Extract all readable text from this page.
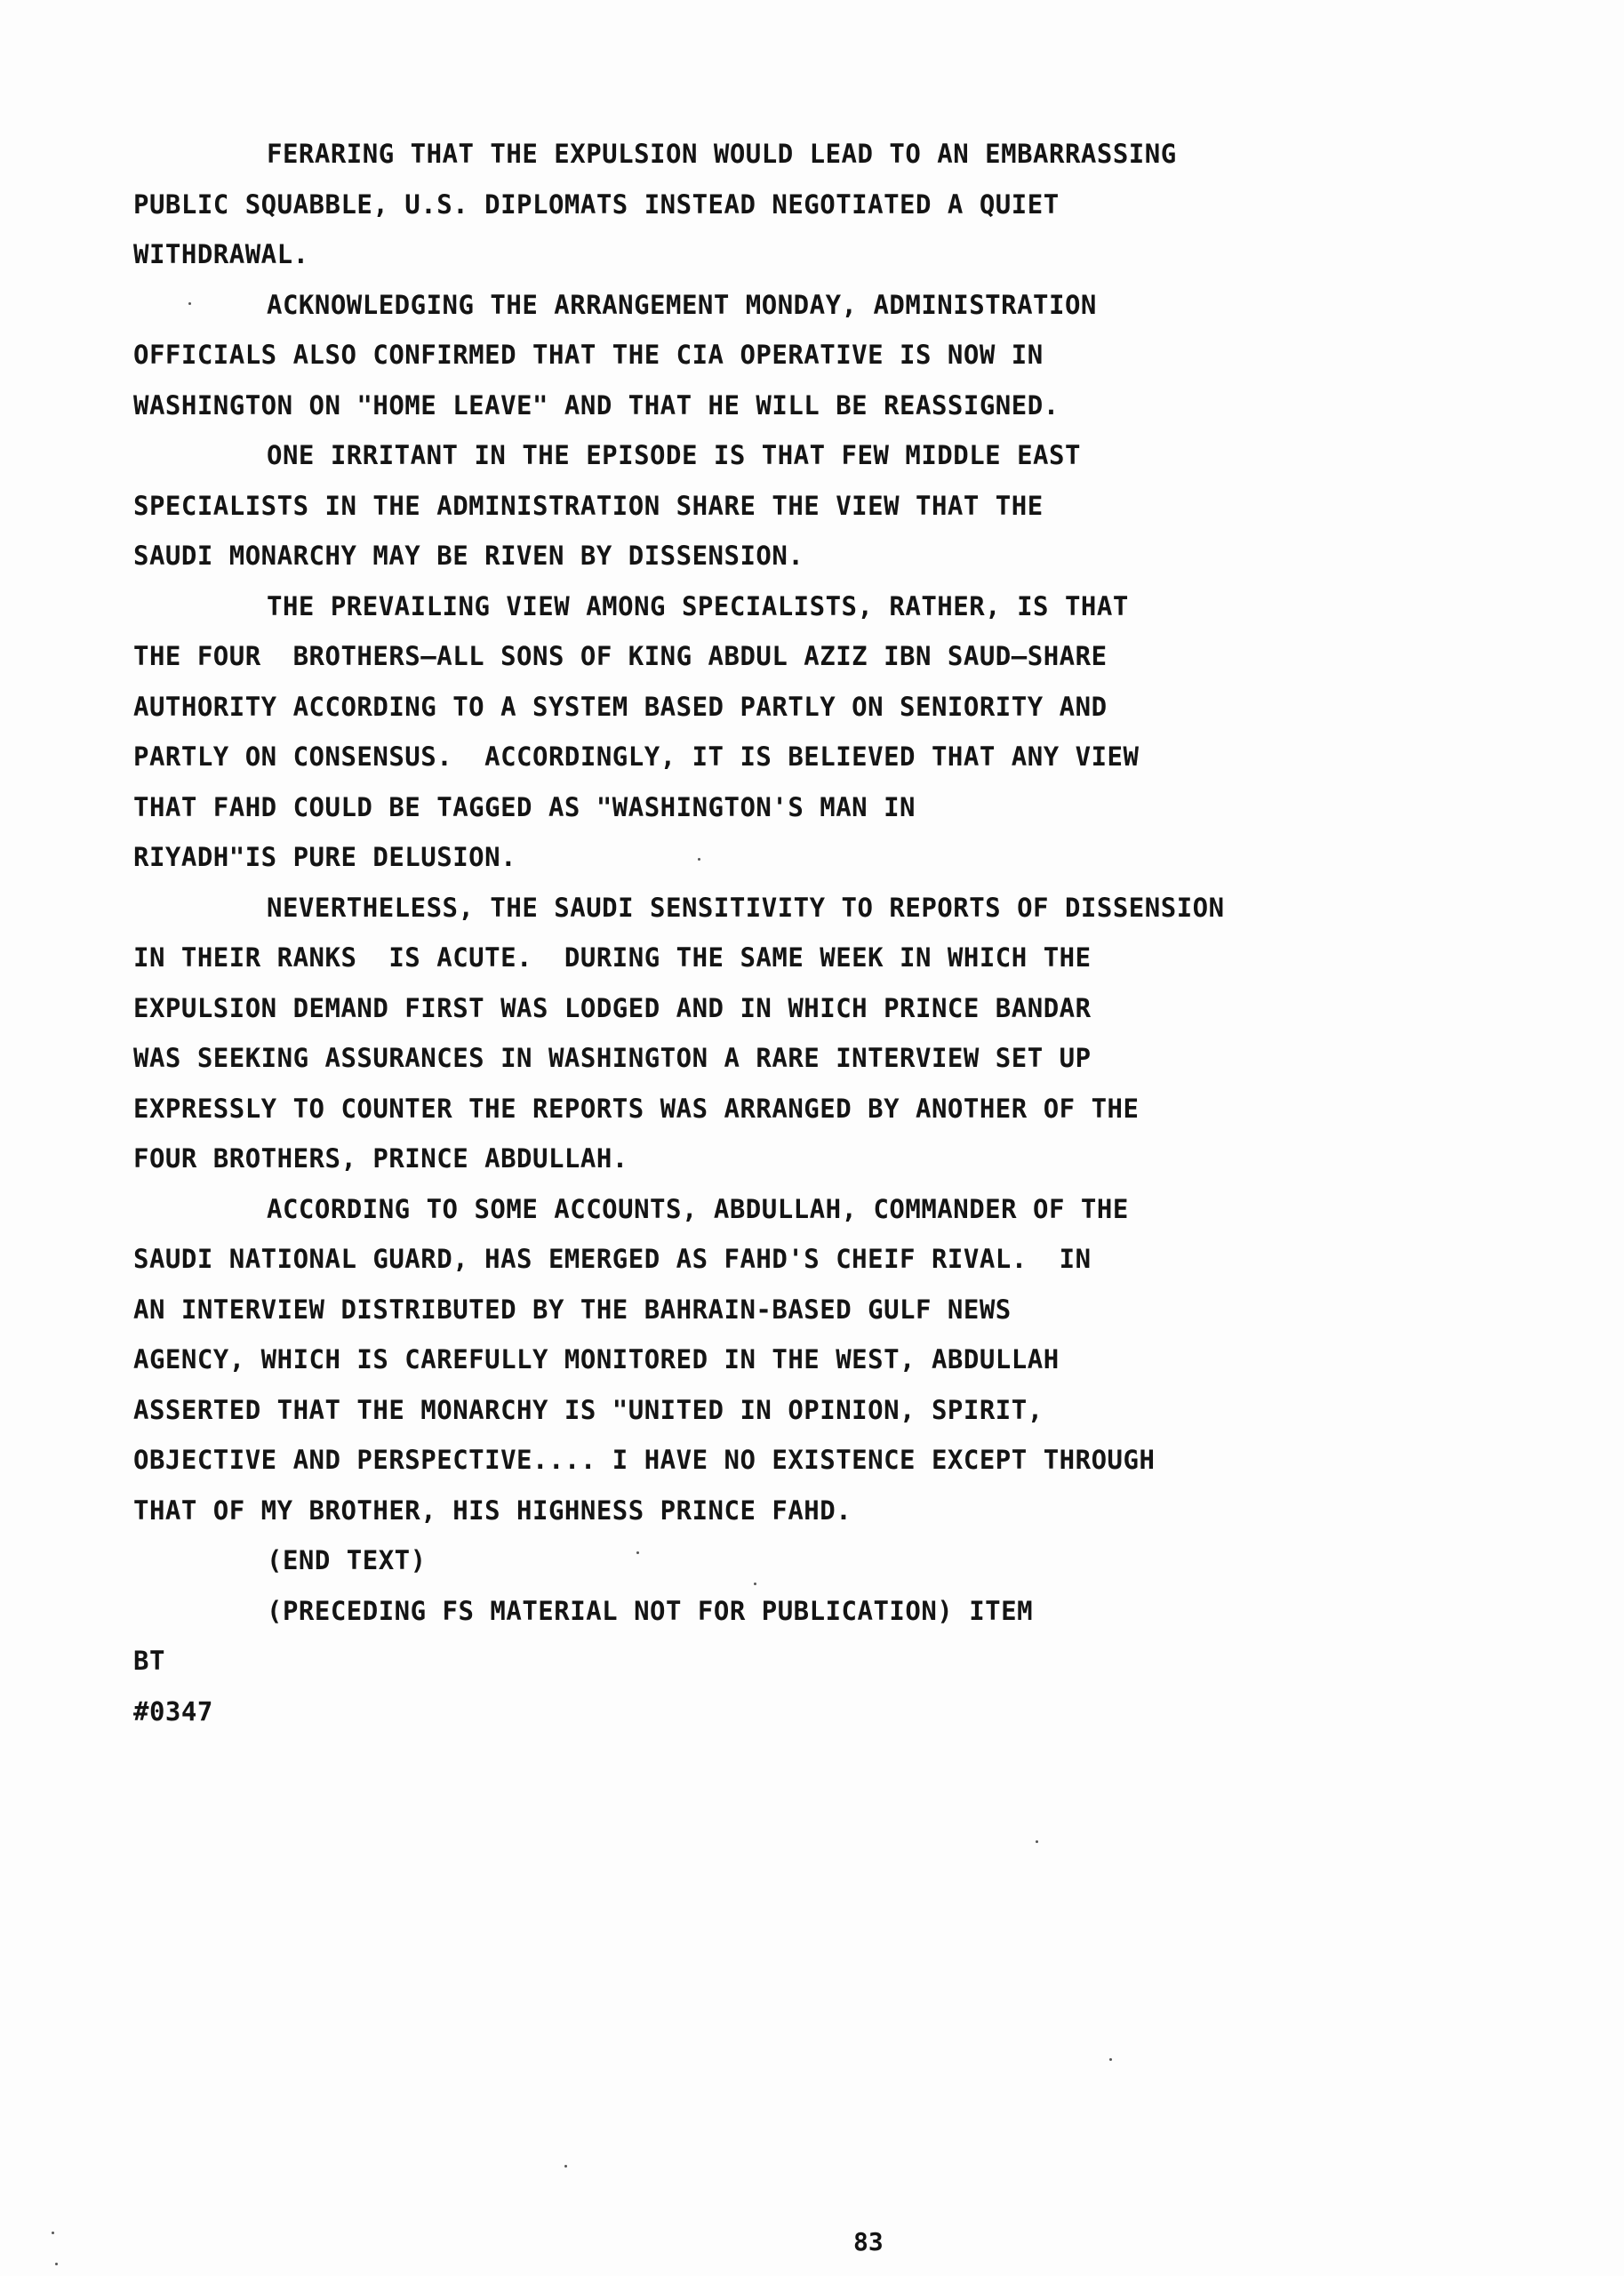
FERARING THAT THE EXPULSION WOULD LEAD TO AN EMBARRASSING
PUBLIC SQUABBLE, U.S. DIPLOMATS INSTEAD NEGOTIATED A QUIET
WITHDRAWAL.
ACKNOWLEDGING THE ARRANGEMENT MONDAY, ADMINISTRATION
OFFICIALS ALSO CONFIRMED THAT THE CIA OPERATIVE IS NOW IN
WASHINGTON ON "HOME LEAVE" AND THAT HE WILL BE REASSIGNED.
ONE IRRITANT IN THE EPISODE IS THAT FEW MIDDLE EAST
SPECIALISTS IN THE ADMINISTRATION SHARE THE VIEW THAT THE
SAUDI MONARCHY MAY BE RIVEN BY DISSENSION.
THE PREVAILING VIEW AMONG SPECIALISTS, RATHER, IS THAT
THE FOUR  BROTHERS—ALL SONS OF KING ABDUL AZIZ IBN SAUD—SHARE
AUTHORITY ACCORDING TO A SYSTEM BASED PARTLY ON SENIORITY AND
PARTLY ON CONSENSUS.  ACCORDINGLY, IT IS BELIEVED THAT ANY VIEW
THAT FAHD COULD BE TAGGED AS "WASHINGTON'S MAN IN
RIYADH"IS PURE DELUSION.
NEVERTHELESS, THE SAUDI SENSITIVITY TO REPORTS OF DISSENSION
IN THEIR RANKS  IS ACUTE.  DURING THE SAME WEEK IN WHICH THE
EXPULSION DEMAND FIRST WAS LODGED AND IN WHICH PRINCE BANDAR
WAS SEEKING ASSURANCES IN WASHINGTON A RARE INTERVIEW SET UP
EXPRESSLY TO COUNTER THE REPORTS WAS ARRANGED BY ANOTHER OF THE
FOUR BROTHERS, PRINCE ABDULLAH.
ACCORDING TO SOME ACCOUNTS, ABDULLAH, COMMANDER OF THE
SAUDI NATIONAL GUARD, HAS EMERGED AS FAHD'S CHEIF RIVAL.  IN
AN INTERVIEW DISTRIBUTED BY THE BAHRAIN-BASED GULF NEWS
AGENCY, WHICH IS CAREFULLY MONITORED IN THE WEST, ABDULLAH
ASSERTED THAT THE MONARCHY IS "UNITED IN OPINION, SPIRIT,
OBJECTIVE AND PERSPECTIVE.... I HAVE NO EXISTENCE EXCEPT THROUGH
THAT OF MY BROTHER, HIS HIGHNESS PRINCE FAHD.
(END TEXT)
(PRECEDING FS MATERIAL NOT FOR PUBLICATION) ITEM
BT
#0347
83
